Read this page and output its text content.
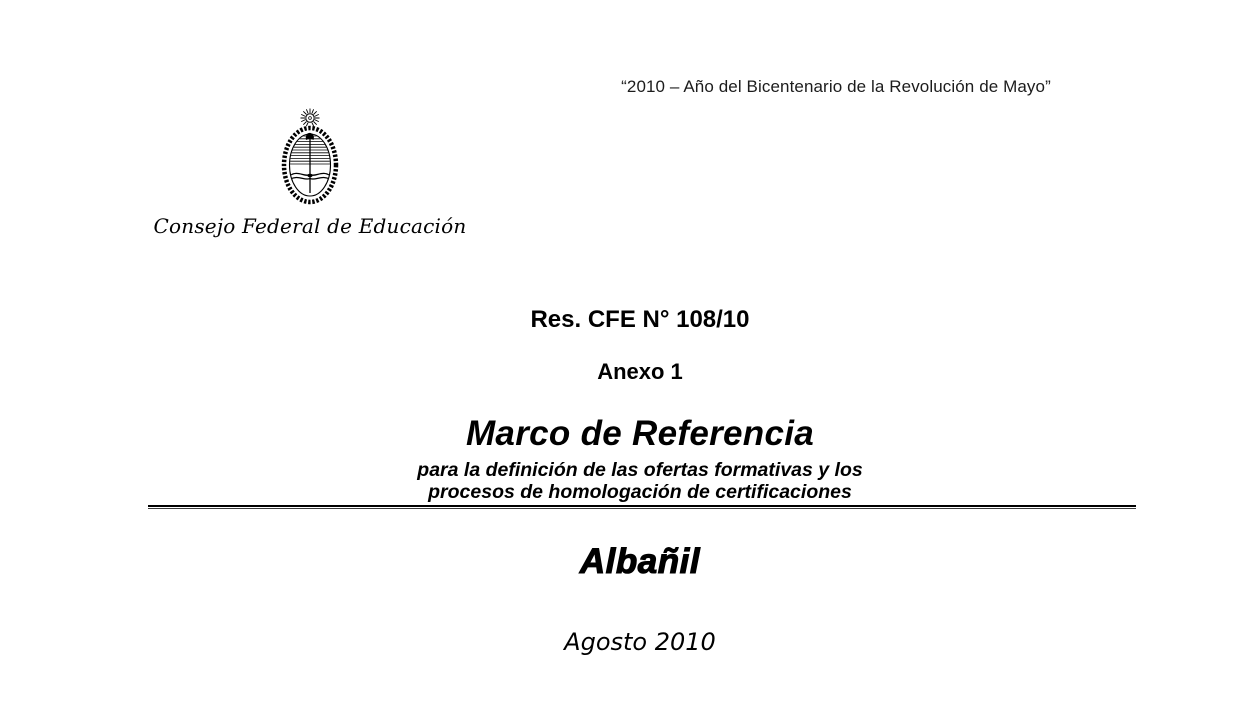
“2010 – Año del Bicentenario de la Revolución de Mayo”
Consejo Federal de Educación
Res. CFE N° 108/10
Anexo 1
Marco de Referencia
para la definición de las ofertas formativas y los
procesos de homologación de certificaciones
Albañil
Agosto 2010
